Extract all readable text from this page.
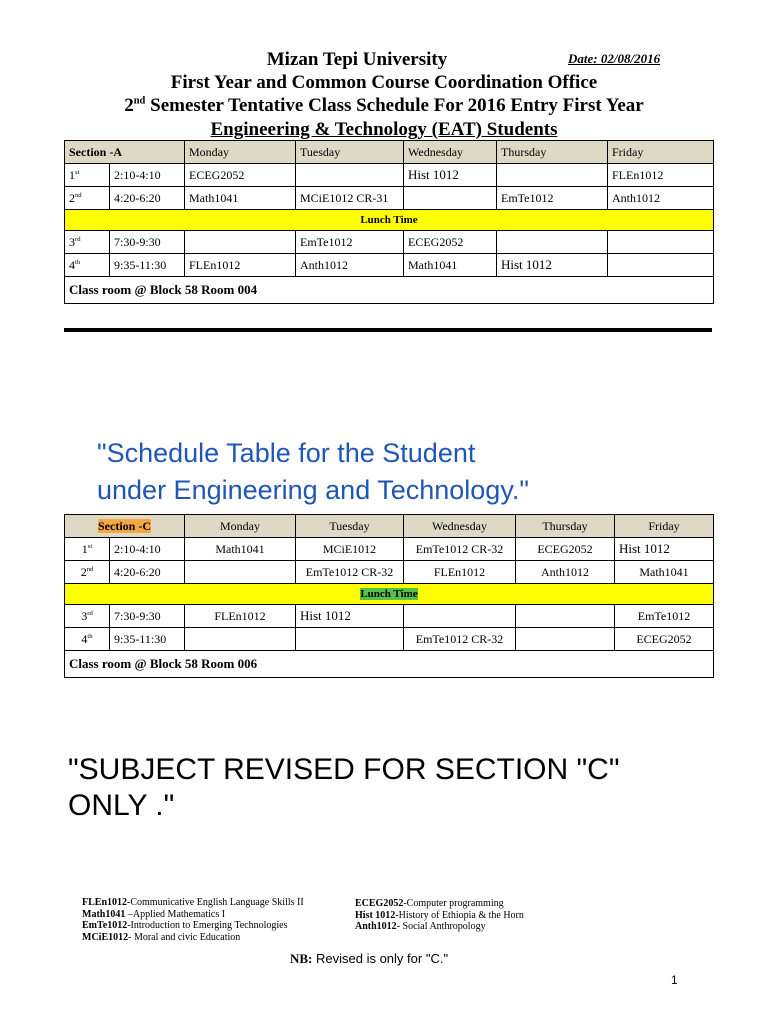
Mizan Tepi University	Date: 02/08/2016
First Year and Common Course Coordination Office
2nd Semester Tentative Class Schedule For 2016 Entry First Year
Engineering & Technology (EAT) Students
Section -A		Monday	Tuesday	Wednesday	Thursday	Friday
1st	2:10-4:10	ECEG2052		Hist 1012		FLEn1012
2nd	4:20-6:20	Math1041	MCiE1012 CR-31		EmTe1012	Anth1012
Lunch Time						
3rd	7:30-9:30		EmTe1012	ECEG2052		
4th	9:35-11:30	FLEn1012	Anth1012	Math1041	Hist 1012	
Class room @ Block 58 Room 004						
"Schedule Table for the Student
under Engineering and Technology."
Section -C		Monday	Tuesday	Wednesday	Thursday	Friday
1st	2:10-4:10	Math1041	MCiE1012	EmTe1012 CR-32	ECEG2052	Hist 1012
2nd	4:20-6:20		EmTe1012 CR-32	FLEn1012	Anth1012	Math1041
Lunch Time						
3rd	7:30-9:30	FLEn1012	Hist 1012			EmTe1012
4th	9:35-11:30			EmTe1012 CR-32		ECEG2052
Class room @ Block 58 Room 006						
"SUBJECT REVISED FOR SECTION "C"
ONLY ."
FLEn1012-Communicative English Language Skills II
Math1041 –Applied Mathematics I
EmTe1012-Introduction to Emerging Technologies
MCiE1012- Moral and civic Education
ECEG2052-Computer programming
Hist 1012-History of Ethiopia & the Horn
Anth1012- Social Anthropology
NB: Revised is only for "C."
1
